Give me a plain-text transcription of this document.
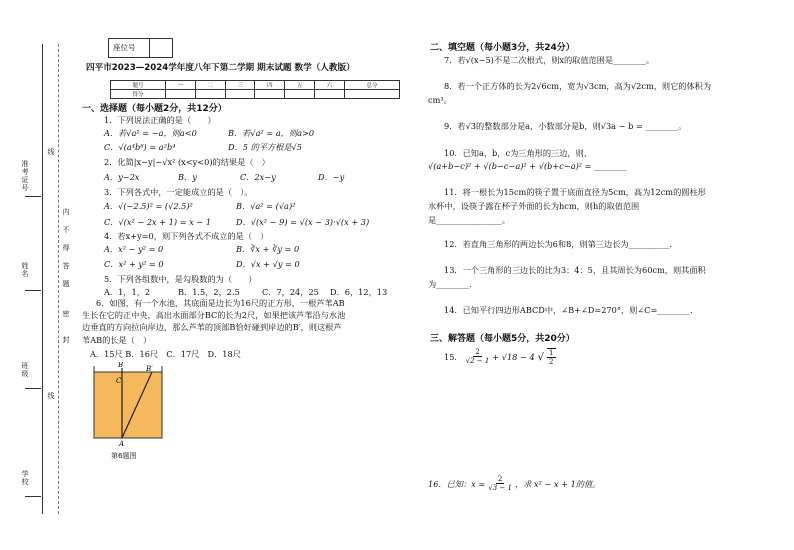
准考证号
姓名
班级
学校
线
内
不
得
答
题
密
封
线
座位号
四平市2023—2024学年度八年下第二学期 期末试题 数学（人教版）
题号	一	二	三	四	五	六	总分
得分							
一、选择题（每小题2分，共12分）
1．下列说法正确的是（　　）
A．若√a² = −a，则a<0	B．若√a² = a，则a>0
C．√(a⁴b⁸) = a²b⁴	D．5 的平方根是√5
2．化简|x−y|−√x² (x<y<0)的结果是（　）
A．y−2x	B．y	C．2x−y	D．−y
3．下列各式中，一定能成立的是（　）。
A．√(−2.5)² = (√2.5)²	B．√a² = (√a)²
C．√(x² − 2x + 1) = x − 1	D．√(x² − 9) = √(x − 3)·√(x + 3)
4．若x+y=0，则下列各式不成立的是（　）
A．x² − y² = 0	B．∛x + ∛y = 0
C．x² + y² = 0	D．√x + √y = 0
5．下列各组数中，是勾股数的为（　　）
A．1，1，2	B．1.5，2，2.5	C．7，24，25 D．6，12，13
6．如图，有一个水池，其底面是边长为16尺的正方形，一根芦苇AB
生长在它的正中央，高出水面部分BC的长为2尺，如果把该芦苇沿与水池
边垂直的方向拉向岸边，那么芦苇的顶部B恰好碰到岸边的B′，则这根芦
苇AB的长是（　）
A．15尺 B．16尺　C．17尺　D．18尺
B	B′
C
A
第6题图
二、填空题（每小题3分，共24分）
7．若√(x−5)不是二次根式，则x的取值范围是________。
8．若一个正方体的长为2√6cm，宽为√3cm，高为√2cm，则它的体积为
cm³。
9．若√3的整数部分是a，小数部分是b，则√3a − b = ________。
10．已知a，b，c为三角形的三边，则、
√(a+b−c)² + √(b−c−a)² + √(b+c−a)² = ________
11．将一根长为15cm的筷子置于底面直径为5cm，高为12cm的圆柱形
水杯中，设筷子露在杯子外面的长为hcm，则h的取值范围
是________________。
12．若直角三角形的两边长为6和8，则第三边长为__________．
13．一个三角形的三边长的比为3：4：5，且其周长为60cm，则其面积
为________.
14．已知平行四边形ABCD中，∠B+∠D=270°，则∠C=________.
三、解答题（每小题5分，共20分）
15． $\frac{2}{√2 - 1} + √18 - 4$ √ $\frac{1}{2}$
16．已知：$x = \frac{2}{√3 - 1}$ ，求 x² − x + 1的值。
